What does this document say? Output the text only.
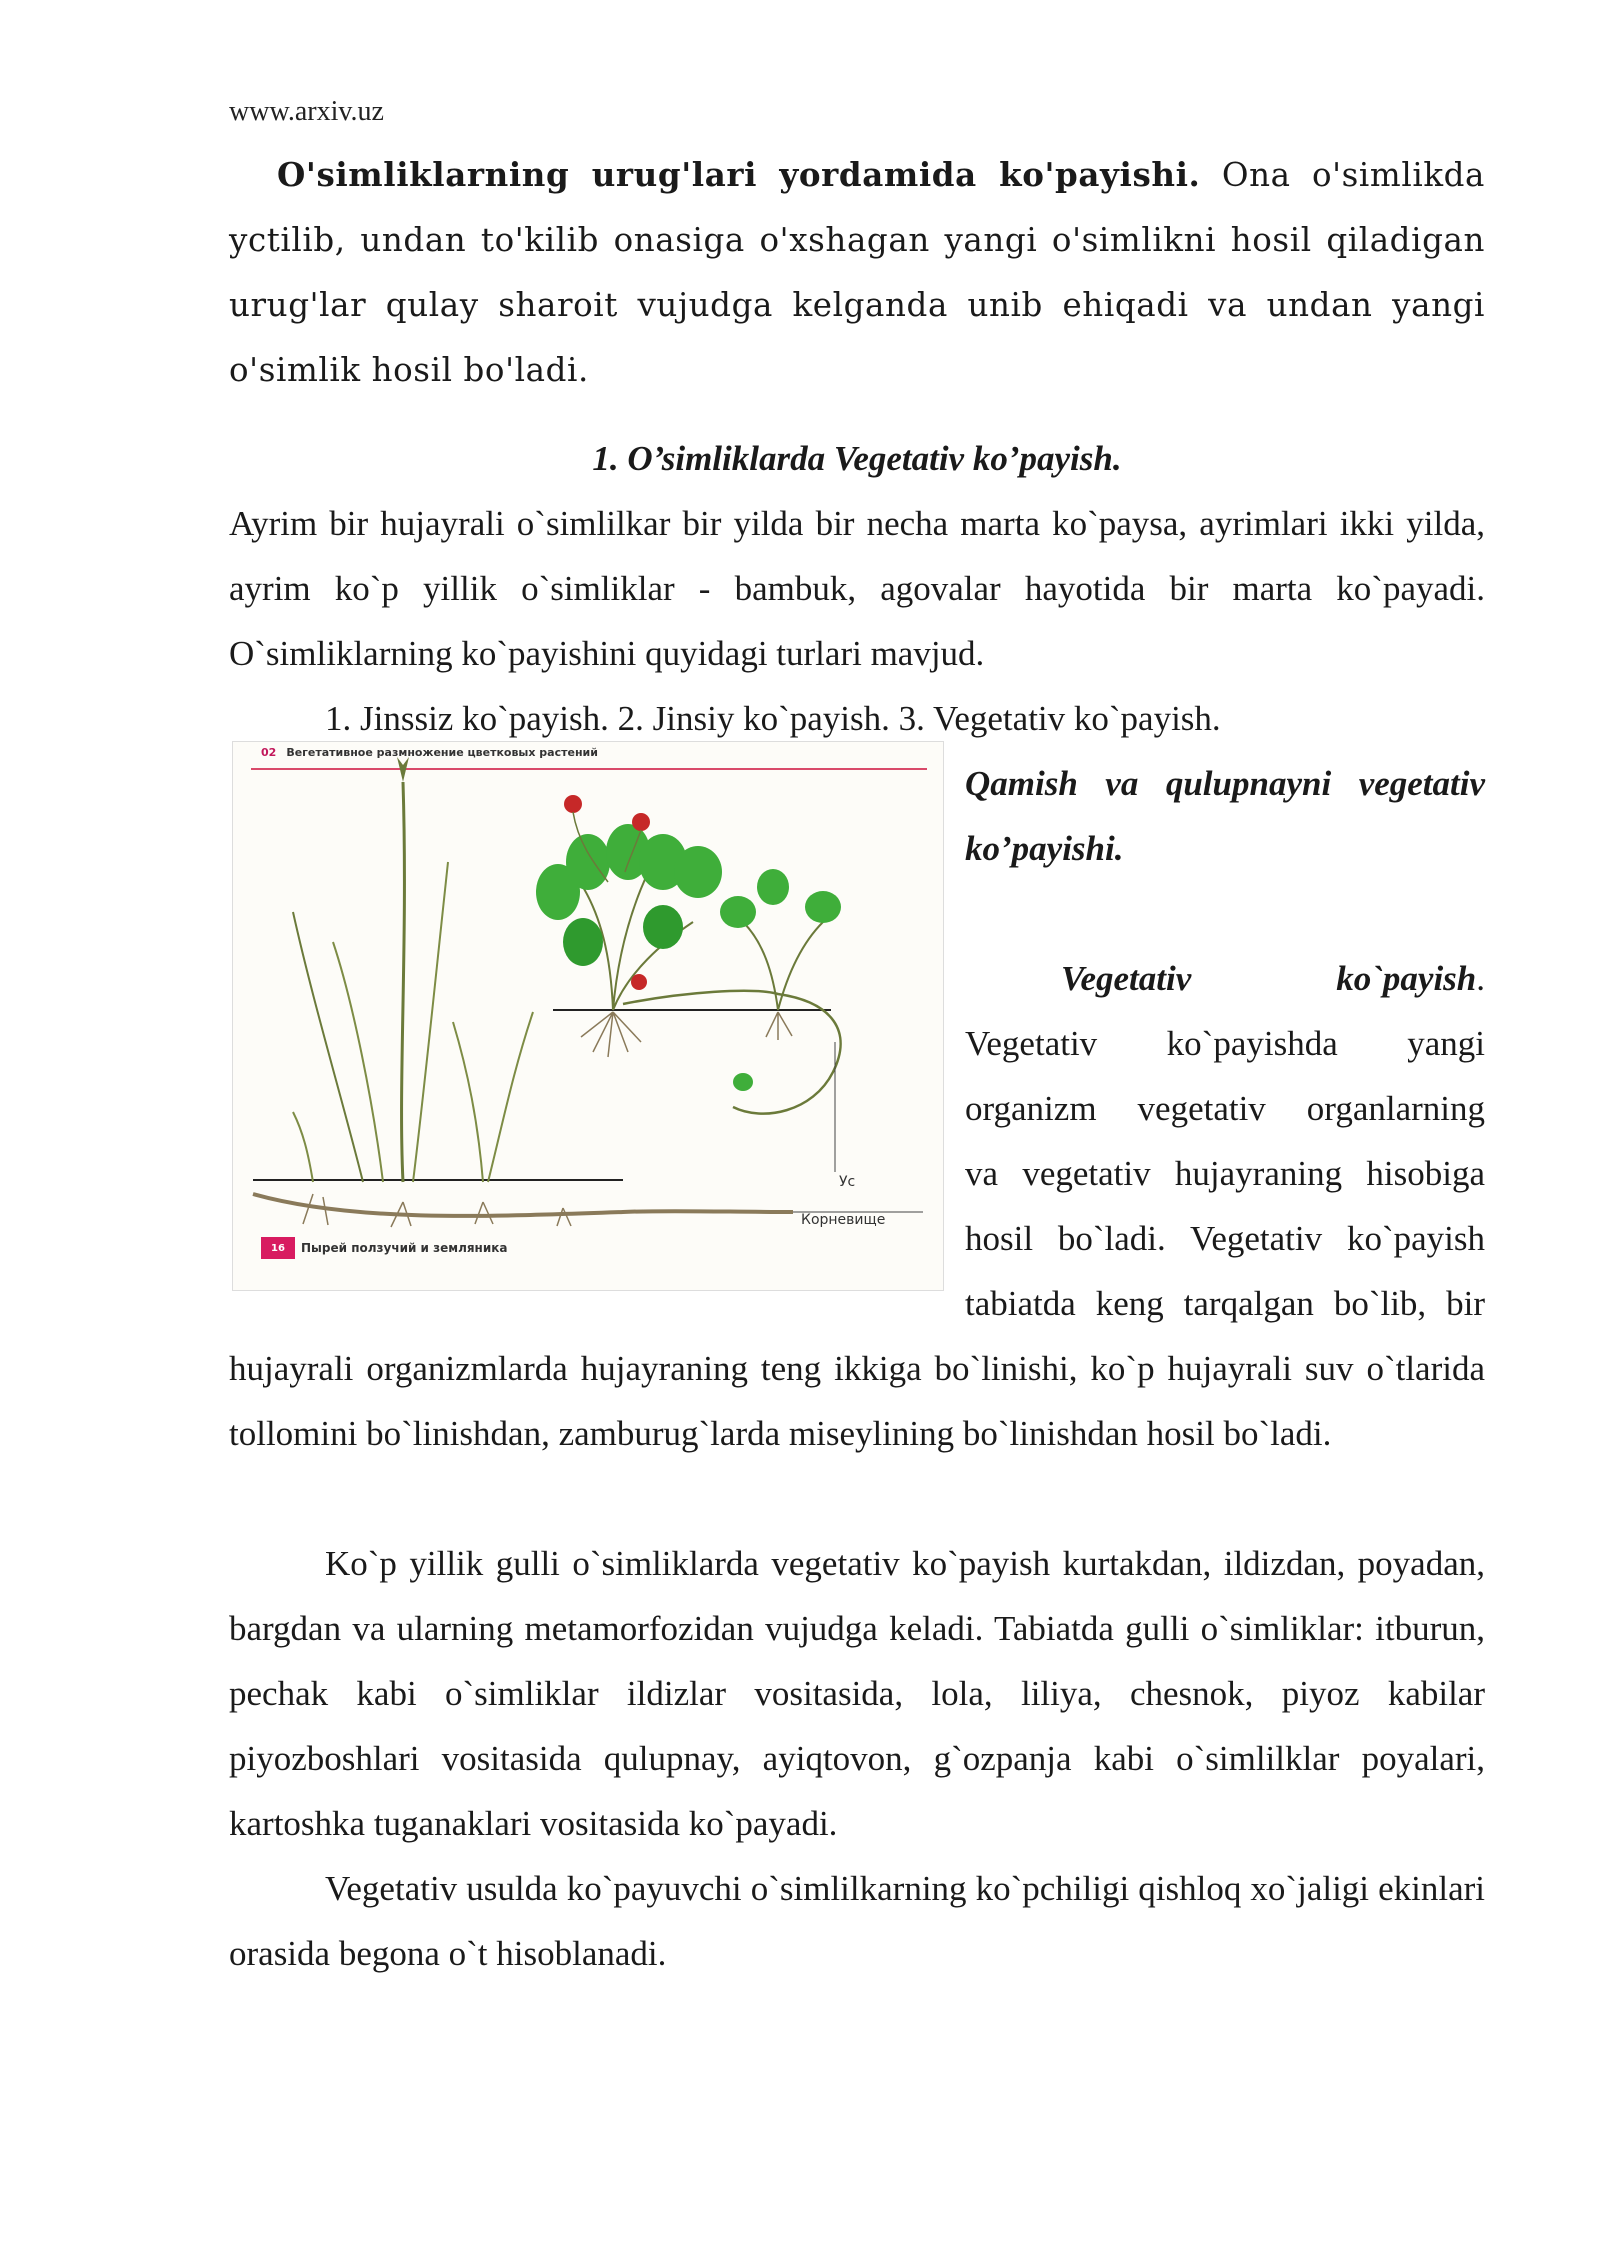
www.arxiv.uz
O'simliklarning urug'lari yordamida ko'payishi. Ona o'simlikda yctilib, undan to'kilib onasiga o'xshagan yangi o'simlikni hosil qiladigan urug'lar qulay sharoit vujudga kelganda unib ehiqadi va undan yangi o'simlik hosil bo'ladi.
1. O’simliklarda Vegetativ ko’payish.
Ayrim bir hujayrali o`simlilkar bir yilda bir necha marta ko`paysa, ayrimlari ikki yilda, ayrim ko`p yillik o`simliklar - bambuk, agovalar hayotida bir marta ko`payadi. O`simliklarning ko`payishini quyidagi turlari mavjud.
1. Jinssiz ko`payish. 2. Jinsiy ko`payish. 3. Vegetativ ko`payish.
02 Вегетативное размножение цветковых растений
Ус
Корневище
16	Пырей ползучий и земляника
Qamish va qulupnayni vegetativ
ko’payishi.
Vegetativ	ko`payish.
Vegetativ ko`payishda yangi
organizm vegetativ organlarning
va vegetativ hujayraning hisobiga
hosil bo`ladi. Vegetativ ko`payish
tabiatda keng tarqalgan bo`lib, bir
hujayrali organizmlarda hujayraning teng ikkiga bo`linishi, ko`p hujayrali suv o`tlarida tollomini bo`linishdan, zamburug`larda miseylining bo`linishdan hosil bo`ladi.
Ko`p yillik gulli o`simliklarda vegetativ ko`payish kurtakdan, ildizdan, poyadan, bargdan va ularning metamorfozidan vujudga keladi. Tabiatda gulli o`simliklar: itburun, pechak kabi o`simliklar ildizlar vositasida, lola, liliya, chesnok, piyoz kabilar piyozboshlari vositasida qulupnay, ayiqtovon, g`ozpanja kabi o`simlilklar poyalari, kartoshka tuganaklari vositasida ko`payadi.
Vegetativ usulda ko`payuvchi o`simlilkarning ko`pchiligi qishloq xo`jaligi ekinlari orasida begona o`t hisoblanadi.
